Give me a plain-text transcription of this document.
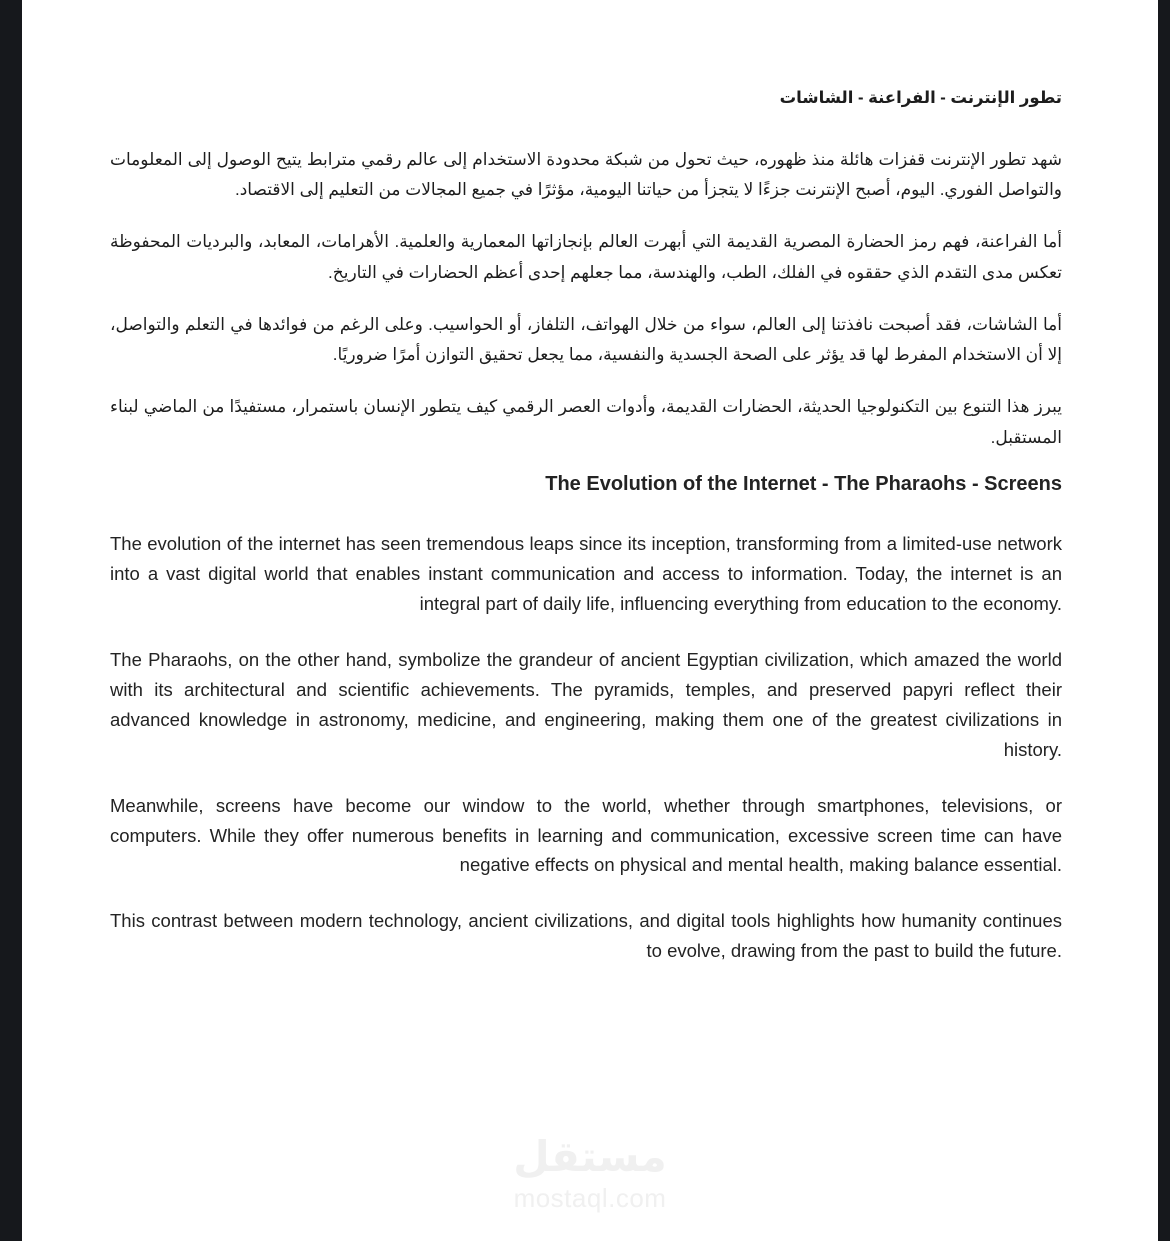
تطور الإنترنت - الفراعنة - الشاشات

شهد تطور الإنترنت قفزات هائلة منذ ظهوره، حيث تحول من شبكة محدودة الاستخدام إلى عالم رقمي مترابط يتيح الوصول إلى المعلومات والتواصل الفوري. اليوم، أصبح الإنترنت جزءًا لا يتجزأ من حياتنا اليومية، مؤثرًا في جميع المجالات من التعليم إلى الاقتصاد.

أما الفراعنة، فهم رمز الحضارة المصرية القديمة التي أبهرت العالم بإنجازاتها المعمارية والعلمية. الأهرامات، المعابد، والبرديات المحفوظة تعكس مدى التقدم الذي حققوه في الفلك، الطب، والهندسة، مما جعلهم إحدى أعظم الحضارات في التاريخ.

أما الشاشات، فقد أصبحت نافذتنا إلى العالم، سواء من خلال الهواتف، التلفاز، أو الحواسيب. وعلى الرغم من فوائدها في التعلم والتواصل، إلا أن الاستخدام المفرط لها قد يؤثر على الصحة الجسدية والنفسية، مما يجعل تحقيق التوازن أمرًا ضروريًا.

يبرز هذا التنوع بين التكنولوجيا الحديثة، الحضارات القديمة، وأدوات العصر الرقمي كيف يتطور الإنسان باستمرار، مستفيدًا من الماضي لبناء المستقبل.

The Evolution of the Internet - The Pharaohs - Screens

The evolution of the internet has seen tremendous leaps since its inception, transforming from a limited-use network into a vast digital world that enables instant communication and access to information. Today, the internet is an integral part of daily life, influencing everything from education to the economy.

The Pharaohs, on the other hand, symbolize the grandeur of ancient Egyptian civilization, which amazed the world with its architectural and scientific achievements. The pyramids, temples, and preserved papyri reflect their advanced knowledge in astronomy, medicine, and engineering, making them one of the greatest civilizations in history.

Meanwhile, screens have become our window to the world, whether through smartphones, televisions, or computers. While they offer numerous benefits in learning and communication, excessive screen time can have negative effects on physical and mental health, making balance essential.

This contrast between modern technology, ancient civilizations, and digital tools highlights how humanity continues to evolve, drawing from the past to build the future.

مستقل
mostaql.com
